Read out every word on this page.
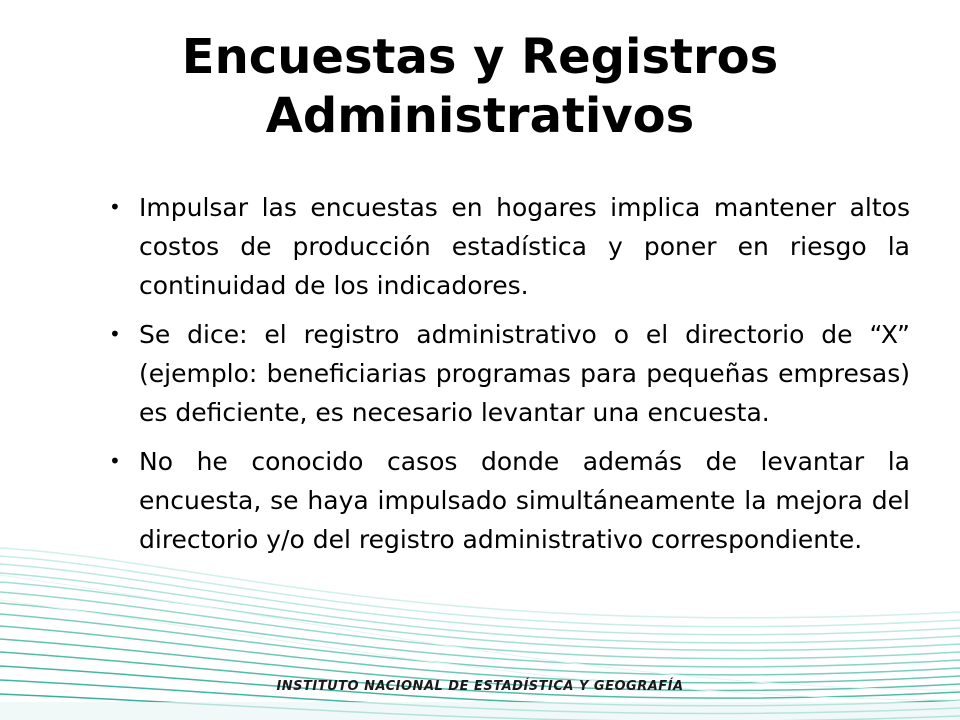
Encuestas y Registros
Administrativos
• Impulsar las encuestas en hogares implica mantener altos costos de producción estadística y poner en riesgo la continuidad de los indicadores.
• Se dice: el registro administrativo o el directorio de “X” (ejemplo: beneficiarias programas para pequeñas empresas) es deficiente, es necesario levantar una encuesta.
• No he conocido casos donde además de levantar la encuesta, se haya impulsado simultáneamente la mejora del directorio y/o del registro administrativo correspondiente.
INSTITUTO NACIONAL DE ESTADÍSTICA Y GEOGRAFÍA
